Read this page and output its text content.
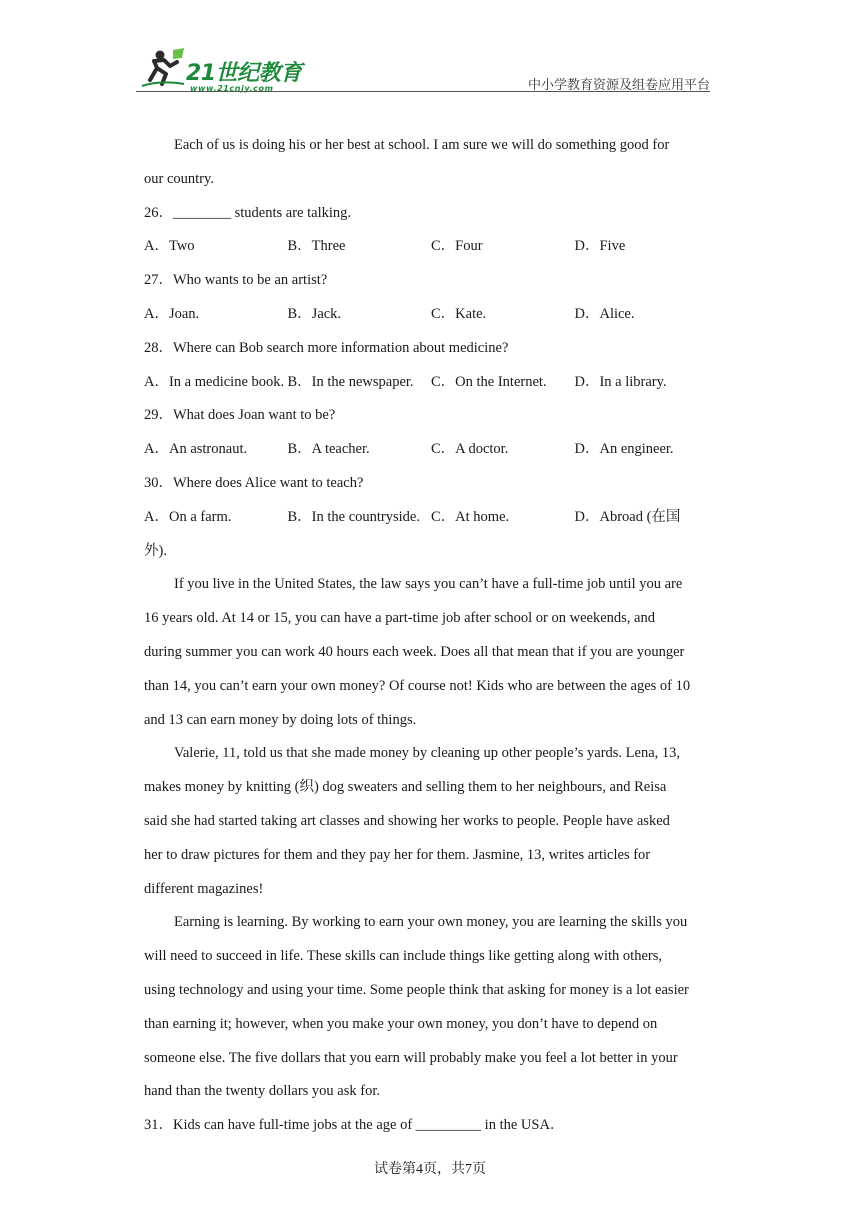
21世纪教育
www.21cnjy.com	中小学教育资源及组卷应用平台
Each of us is doing his or her best at school. I am sure we will do something good for
our country.
26．________ students are talking.
A．Two	B．Three	C．Four	D．Five
27．Who wants to be an artist?
A．Joan.	B．Jack.	C．Kate.	D．Alice.
28．Where can Bob search more information about medicine?
A．In a medicine book. B．In the newspaper.	C．On the Internet.	D．In a library.
29．What does Joan want to be?
A．An astronaut.	B．A teacher.	C．A doctor.	D．An engineer.
30．Where does Alice want to teach?
A．On a farm.	B．In the countryside. C．At home.	D．Abroad (在国
外).
If you live in the United States, the law says you can’t have a full-time job until you are
16 years old. At 14 or 15, you can have a part-time job after school or on weekends, and
during summer you can work 40 hours each week. Does all that mean that if you are younger
than 14, you can’t earn your own money? Of course not! Kids who are between the ages of 10
and 13 can earn money by doing lots of things.
Valerie, 11, told us that she made money by cleaning up other people’s yards. Lena, 13,
makes money by knitting (织) dog sweaters and selling them to her neighbours, and Reisa
said she had started taking art classes and showing her works to people. People have asked
her to draw pictures for them and they pay her for them. Jasmine, 13, writes articles for
different magazines!
Earning is learning. By working to earn your own money, you are learning the skills you
will need to succeed in life. These skills can include things like getting along with others,
using technology and using your time. Some people think that asking for money is a lot easier
than earning it; however, when you make your own money, you don’t have to depend on
someone else. The five dollars that you earn will probably make you feel a lot better in your
hand than the twenty dollars you ask for.
31．Kids can have full-time jobs at the age of _________ in the USA．
试卷第4页，共7页
